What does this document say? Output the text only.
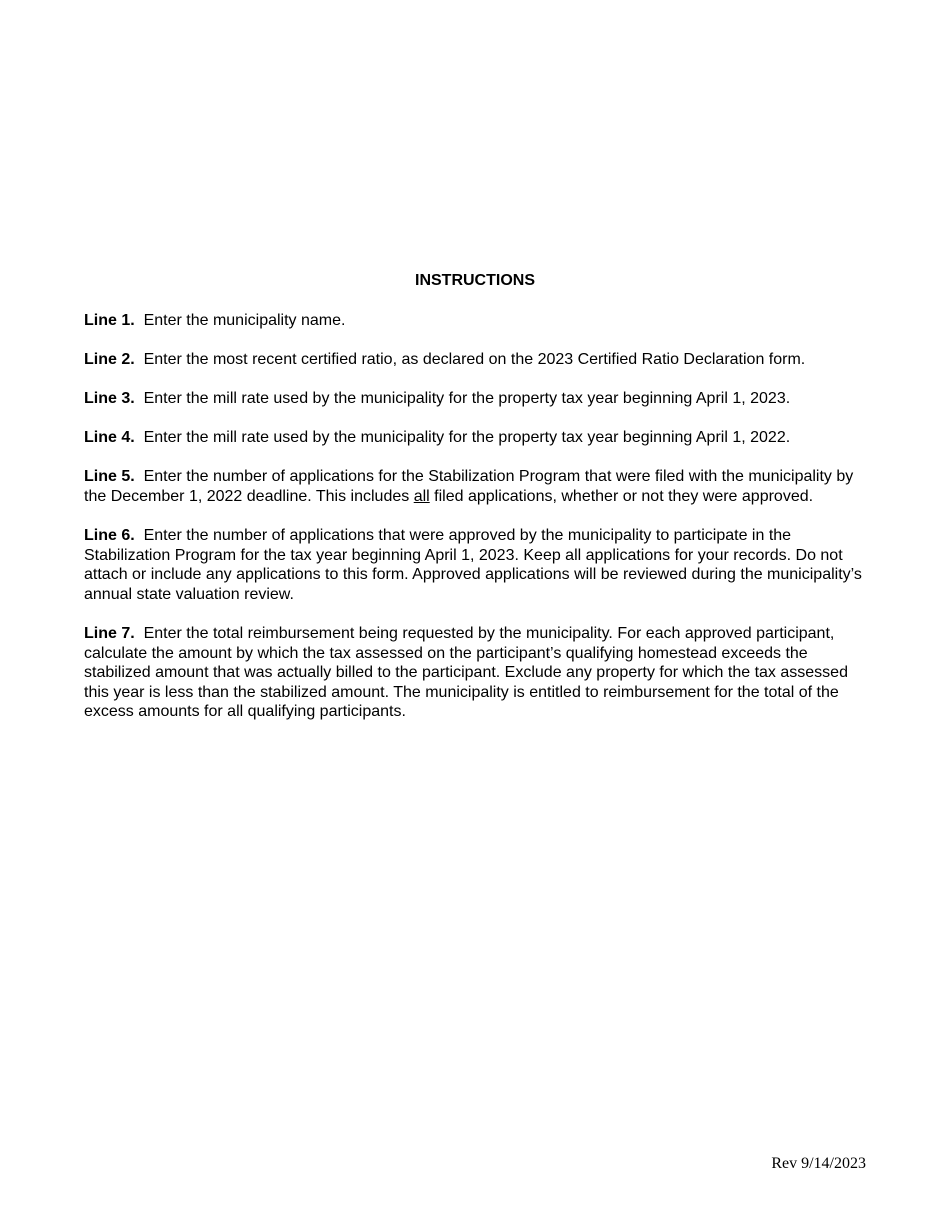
INSTRUCTIONS

Line 1. Enter the municipality name.

Line 2. Enter the most recent certified ratio, as declared on the 2023 Certified Ratio Declaration form.

Line 3. Enter the mill rate used by the municipality for the property tax year beginning April 1, 2023.

Line 4. Enter the mill rate used by the municipality for the property tax year beginning April 1, 2022.

Line 5. Enter the number of applications for the Stabilization Program that were filed with the municipality by the December 1, 2022 deadline. This includes all filed applications, whether or not they were approved.

Line 6. Enter the number of applications that were approved by the municipality to participate in the Stabilization Program for the tax year beginning April 1, 2023. Keep all applications for your records. Do not attach or include any applications to this form. Approved applications will be reviewed during the municipality’s annual state valuation review.

Line 7. Enter the total reimbursement being requested by the municipality. For each approved participant, calculate the amount by which the tax assessed on the participant’s qualifying homestead exceeds the stabilized amount that was actually billed to the participant. Exclude any property for which the tax assessed this year is less than the stabilized amount. The municipality is entitled to reimbursement for the total of the excess amounts for all qualifying participants.

Rev 9/14/2023
